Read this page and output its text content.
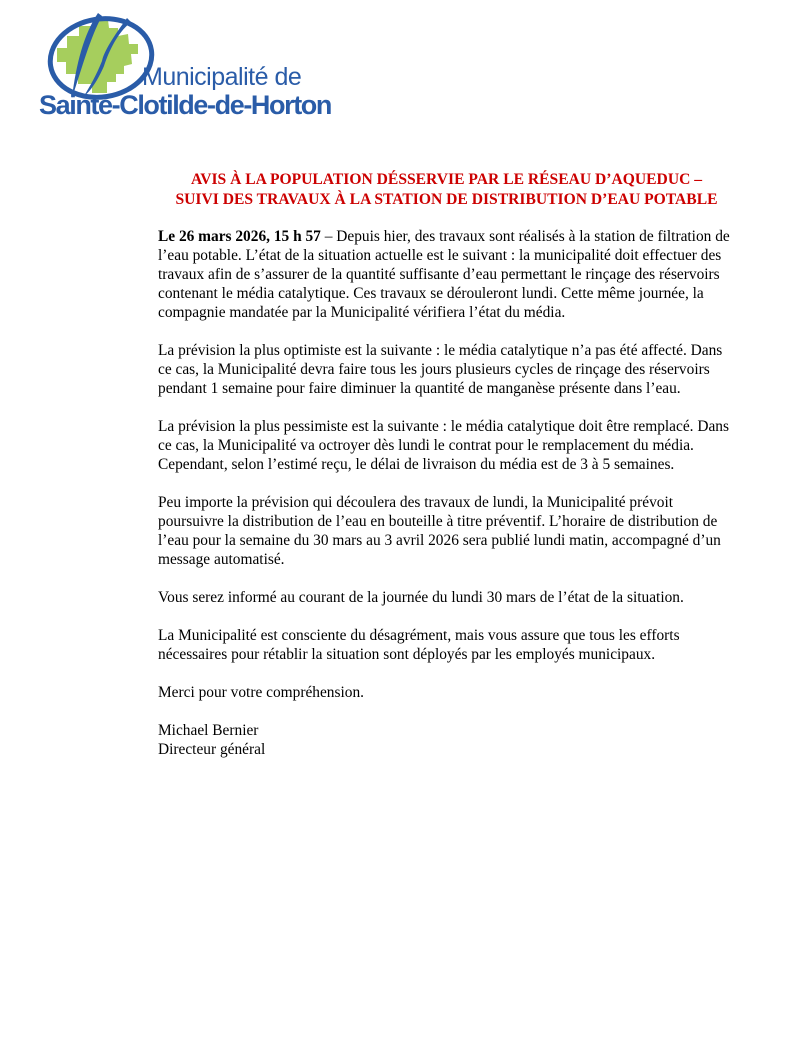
Municipalité de
Sainte-Clotilde-de-Horton
AVIS À LA POPULATION DÉSSERVIE PAR LE RÉSEAU D’AQUEDUC –
SUIVI DES TRAVAUX À LA STATION DE DISTRIBUTION D’EAU POTABLE

Le 26 mars 2026, 15 h 57 – Depuis hier, des travaux sont réalisés à la station de filtration de l’eau potable. L’état de la situation actuelle est le suivant : la municipalité doit effectuer des travaux afin de s’assurer de la quantité suffisante d’eau permettant le rinçage des réservoirs contenant le média catalytique. Ces travaux se dérouleront lundi. Cette même journée, la compagnie mandatée par la Municipalité vérifiera l’état du média.

La prévision la plus optimiste est la suivante : le média catalytique n’a pas été affecté. Dans ce cas, la Municipalité devra faire tous les jours plusieurs cycles de rinçage des réservoirs pendant 1 semaine pour faire diminuer la quantité de manganèse présente dans l’eau.

La prévision la plus pessimiste est la suivante : le média catalytique doit être remplacé. Dans ce cas, la Municipalité va octroyer dès lundi le contrat pour le remplacement du média. Cependant, selon l’estimé reçu, le délai de livraison du média est de 3 à 5 semaines.

Peu importe la prévision qui découlera des travaux de lundi, la Municipalité prévoit poursuivre la distribution de l’eau en bouteille à titre préventif. L’horaire de distribution de l’eau pour la semaine du 30 mars au 3 avril 2026 sera publié lundi matin, accompagné d’un message automatisé.

Vous serez informé au courant de la journée du lundi 30 mars de l’état de la situation.

La Municipalité est consciente du désagrément, mais vous assure que tous les efforts nécessaires pour rétablir la situation sont déployés par les employés municipaux.

Merci pour votre compréhension.

Michael Bernier
Directeur général
